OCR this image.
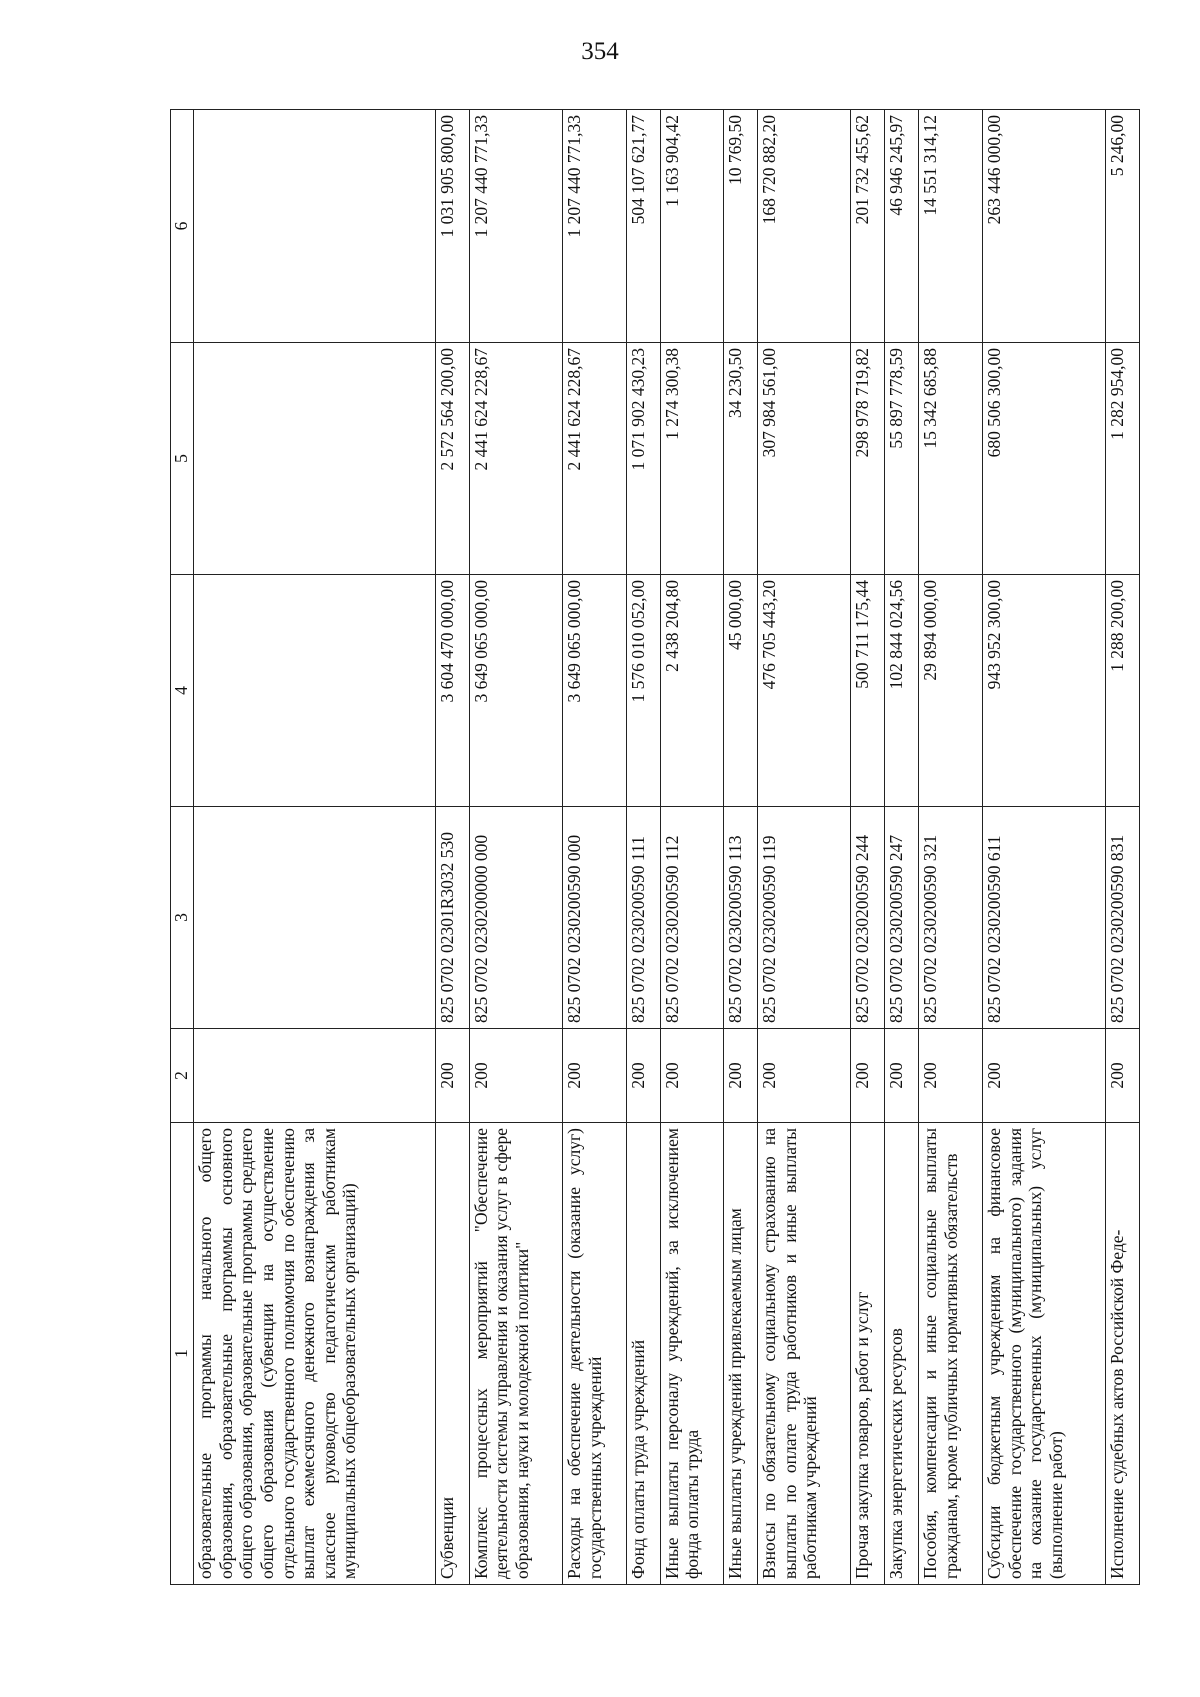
354
1	2	3	4	5	6
образовательные программы начального общего образования, образовательные программы основного общего образования, образовательные программы среднего общего образования (субвенции на осуществление отдельного государственного полномочия по обеспечению выплат ежемесячного денежного вознаграждения за классное руководство педагогическим работникам муниципальных общеобразовательных организаций)					
Субвенции	200	825 0702 02301R3032 530	3 604 470 000,00	2 572 564 200,00	1 031 905 800,00
Комплекс процессных мероприятий "Обеспечение деятельности системы управления и оказания услуг в сфере образования, науки и молодежной политики"	200	825 0702 0230200000 000	3 649 065 000,00	2 441 624 228,67	1 207 440 771,33
Расходы на обеспечение деятельности (оказание услуг) государственных учреждений	200	825 0702 0230200590 000	3 649 065 000,00	2 441 624 228,67	1 207 440 771,33
Фонд оплаты труда учреждений	200	825 0702 0230200590 111	1 576 010 052,00	1 071 902 430,23	504 107 621,77
Иные выплаты персоналу учреждений, за исключением фонда оплаты труда	200	825 0702 0230200590 112	2 438 204,80	1 274 300,38	1 163 904,42
Иные выплаты учреждений привлекаемым лицам	200	825 0702 0230200590 113	45 000,00	34 230,50	10 769,50
Взносы по обязательному социальному страхованию на выплаты по оплате труда работников и иные выплаты работникам учреждений	200	825 0702 0230200590 119	476 705 443,20	307 984 561,00	168 720 882,20
Прочая закупка товаров, работ и услуг	200	825 0702 0230200590 244	500 711 175,44	298 978 719,82	201 732 455,62
Закупка энергетических ресурсов	200	825 0702 0230200590 247	102 844 024,56	55 897 778,59	46 946 245,97
Пособия, компенсации и иные социальные выплаты гражданам, кроме публичных нормативных обязательств	200	825 0702 0230200590 321	29 894 000,00	15 342 685,88	14 551 314,12
Субсидии бюджетным учреждениям на финансовое обеспечение государственного (муниципального) задания на оказание государственных (муниципальных) услуг (выполнение работ)	200	825 0702 0230200590 611	943 952 300,00	680 506 300,00	263 446 000,00
Исполнение судебных актов Российской Феде-	200	825 0702 0230200590 831	1 288 200,00	1 282 954,00	5 246,00
